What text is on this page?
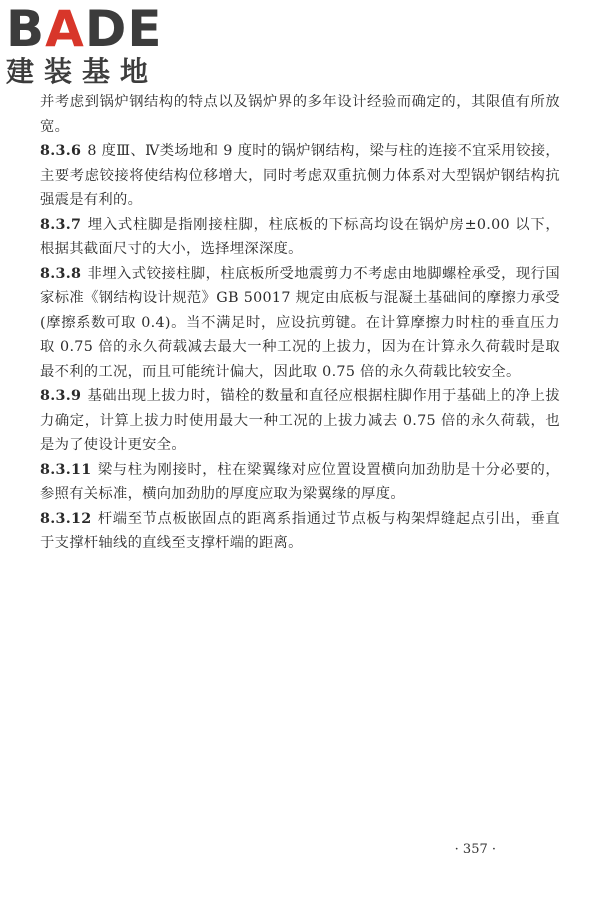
BADE
建装基地

并考虑到锅炉钢结构的特点以及锅炉界的多年设计经验而确定的，其限值有所放宽。

8.3.6 8 度Ⅲ、Ⅳ类场地和 9 度时的锅炉钢结构，梁与柱的连接不宜采用铰接，主要考虑铰接将使结构位移增大，同时考虑双重抗侧力体系对大型锅炉钢结构抗强震是有利的。

8.3.7 埋入式柱脚是指刚接柱脚，柱底板的下标高均设在锅炉房±0.00 以下，根据其截面尺寸的大小，选择埋深深度。

8.3.8 非埋入式铰接柱脚，柱底板所受地震剪力不考虑由地脚螺栓承受，现行国家标准《钢结构设计规范》GB 50017 规定由底板与混凝土基础间的摩擦力承受(摩擦系数可取 0.4)。当不满足时，应设抗剪键。在计算摩擦力时柱的垂直压力取 0.75 倍的永久荷载减去最大一种工况的上拔力，因为在计算永久荷载时是取最不利的工况，而且可能统计偏大，因此取 0.75 倍的永久荷载比较安全。

8.3.9 基础出现上拔力时，锚栓的数量和直径应根据柱脚作用于基础上的净上拔力确定，计算上拔力时使用最大一种工况的上拔力减去 0.75 倍的永久荷载，也是为了使设计更安全。

8.3.11 梁与柱为刚接时，柱在梁翼缘对应位置设置横向加劲肋是十分必要的，参照有关标准，横向加劲肋的厚度应取为梁翼缘的厚度。

8.3.12 杆端至节点板嵌固点的距离系指通过节点板与构架焊缝起点引出，垂直于支撑杆轴线的直线至支撑杆端的距离。

· 357 ·
